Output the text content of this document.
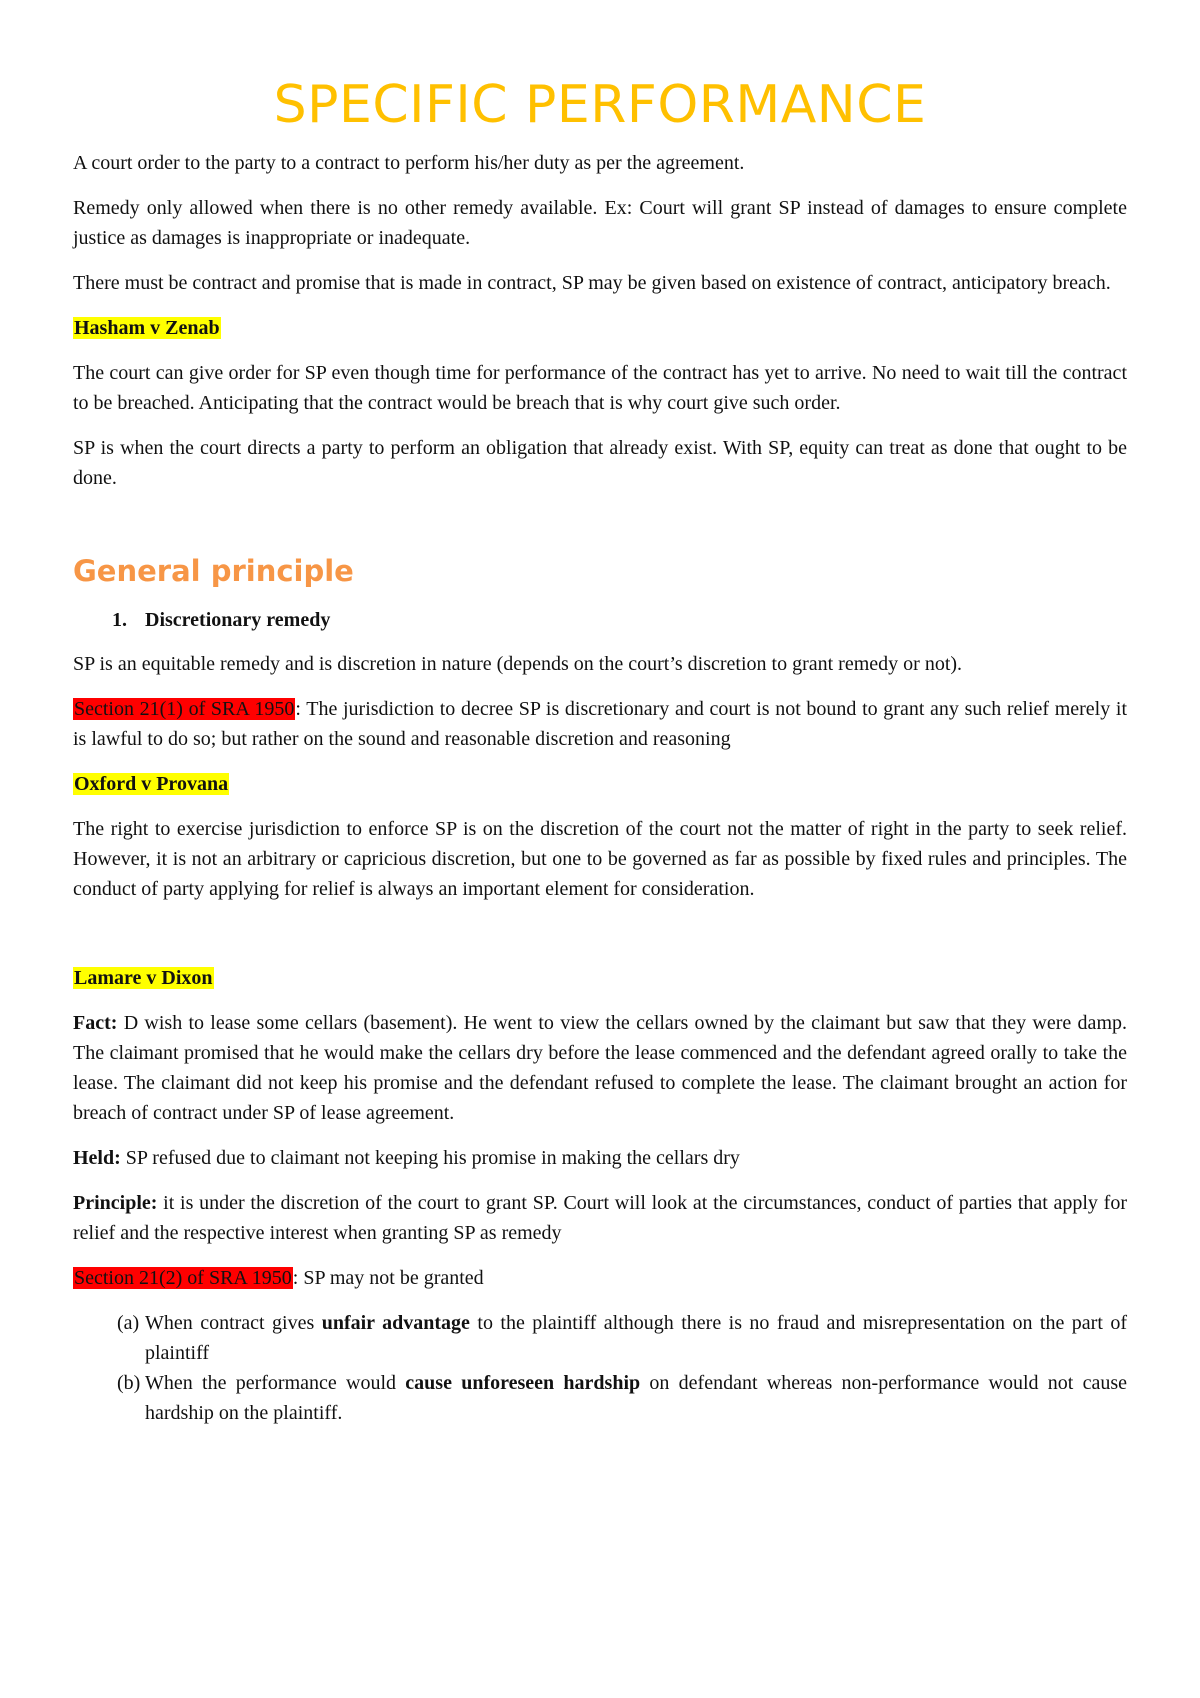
SPECIFIC PERFORMANCE

A court order to the party to a contract to perform his/her duty as per the agreement.

Remedy only allowed when there is no other remedy available. Ex: Court will grant SP instead of damages to ensure complete justice as damages is inappropriate or inadequate.

There must be contract and promise that is made in contract, SP may be given based on existence of contract, anticipatory breach.

Hasham v Zenab

The court can give order for SP even though time for performance of the contract has yet to arrive. No need to wait till the contract to be breached. Anticipating that the contract would be breach that is why court give such order.

SP is when the court directs a party to perform an obligation that already exist. With SP, equity can treat as done that ought to be done.

General principle
1. Discretionary remedy

SP is an equitable remedy and is discretion in nature (depends on the court’s discretion to grant remedy or not).

Section 21(1) of SRA 1950: The jurisdiction to decree SP is discretionary and court is not bound to grant any such relief merely it is lawful to do so; but rather on the sound and reasonable discretion and reasoning

Oxford v Provana

The right to exercise jurisdiction to enforce SP is on the discretion of the court not the matter of right in the party to seek relief. However, it is not an arbitrary or capricious discretion, but one to be governed as far as possible by fixed rules and principles. The conduct of party applying for relief is always an important element for consideration.

Lamare v Dixon

Fact: D wish to lease some cellars (basement). He went to view the cellars owned by the claimant but saw that they were damp. The claimant promised that he would make the cellars dry before the lease commenced and the defendant agreed orally to take the lease. The claimant did not keep his promise and the defendant refused to complete the lease. The claimant brought an action for breach of contract under SP of lease agreement.

Held: SP refused due to claimant not keeping his promise in making the cellars dry

Principle: it is under the discretion of the court to grant SP. Court will look at the circumstances, conduct of parties that apply for relief and the respective interest when granting SP as remedy

Section 21(2) of SRA 1950: SP may not be granted

(a) When contract gives unfair advantage to the plaintiff although there is no fraud and misrepresentation on the part of plaintiff
(b) When the performance would cause unforeseen hardship on defendant whereas non-performance would not cause hardship on the plaintiff.
